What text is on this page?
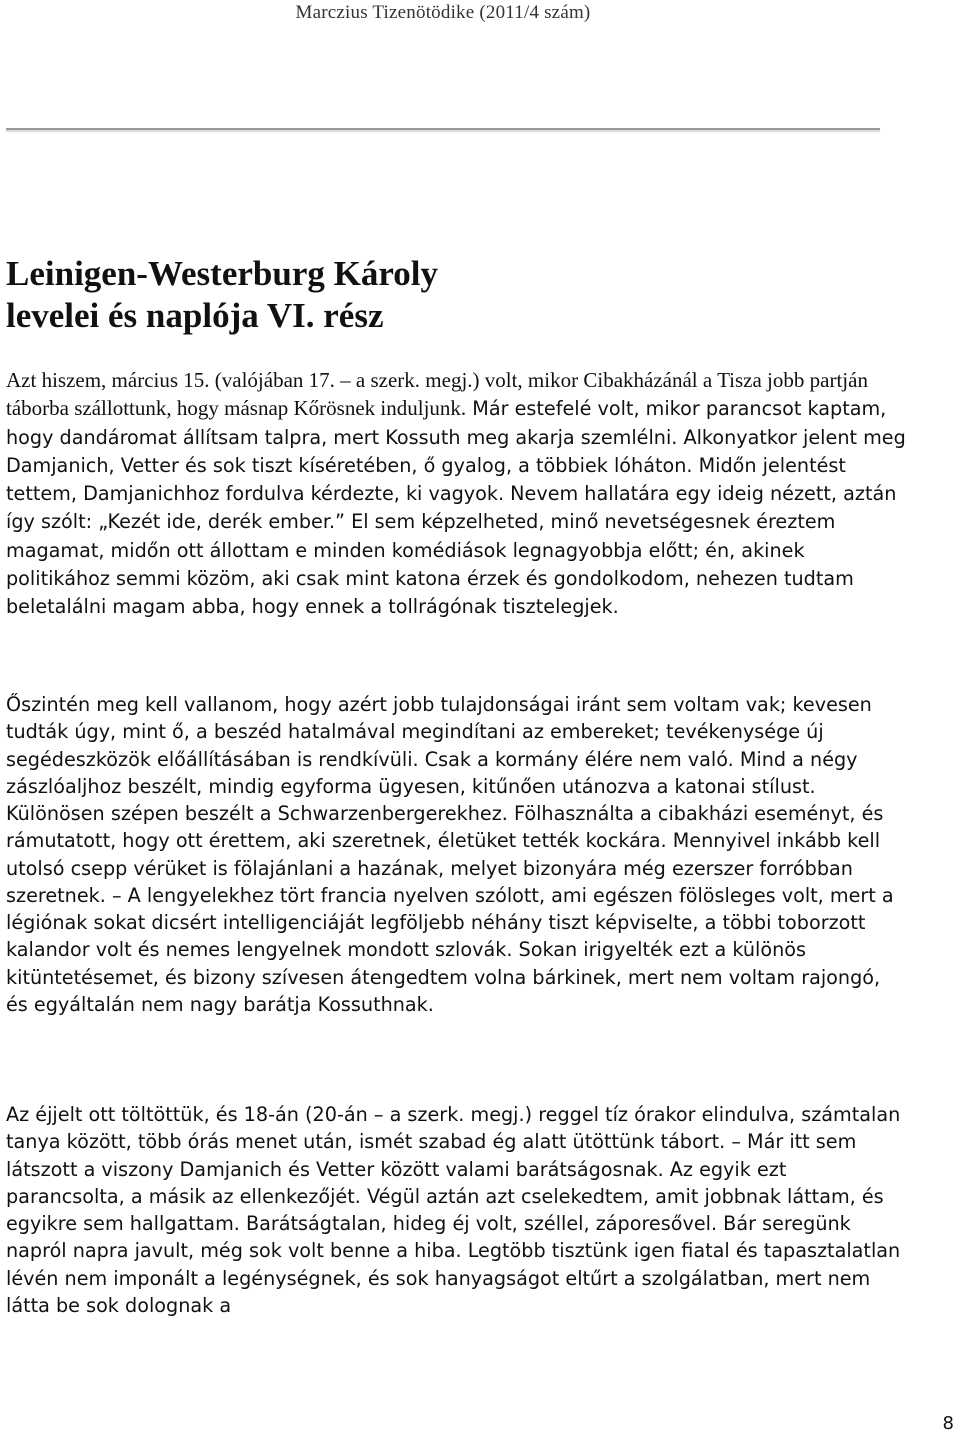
Marczius Tizenötödike (2011/4 szám)
Leinigen-Westerburg Károly
levelei és naplója VI. rész

Azt hiszem, március 15. (valójában 17. – a szerk. megj.) volt, mikor Cibakházánál a Tisza jobb partján táborba szállottunk, hogy másnap Kőrösnek induljunk. Már estefelé volt, mikor parancsot kaptam, hogy dandáromat állítsam talpra, mert Kossuth meg akarja szemlélni. Alkonyatkor jelent meg Damjanich, Vetter és sok tiszt kíséretében, ő gyalog, a többiek lóháton. Midőn jelentést tettem, Damjanichhoz fordulva kérdezte, ki vagyok. Nevem hallatára egy ideig nézett, aztán így szólt: „Kezét ide, derék ember.” El sem képzelheted, minő nevetségesnek éreztem magamat, midőn ott állottam e minden komédiások legnagyobbja előtt; én, akinek politikához semmi közöm, aki csak mint katona érzek és gondolkodom, nehezen tudtam beletalálni magam abba, hogy ennek a tollrágónak tisztelegjek.

Őszintén meg kell vallanom, hogy azért jobb tulajdonságai iránt sem voltam vak; kevesen tudták úgy, mint ő, a beszéd hatalmával megindítani az embereket; tevékenysége új segédeszközök előállításában is rendkívüli. Csak a kormány élére nem való. Mind a négy zászlóaljhoz beszélt, mindig egyforma ügyesen, kitűnően utánozva a katonai stílust. Különösen szépen beszélt a Schwarzenbergerekhez. Fölhasználta a cibakházi eseményt, és rámutatott, hogy ott érettem, aki szeretnek, életüket tették kockára. Mennyivel inkább kell utolsó csepp vérüket is fölajánlani a hazának, melyet bizonyára még ezerszer forróbban szeretnek. – A lengyelekhez tört francia nyelven szólott, ami egészen fölösleges volt, mert a légiónak sokat dicsért intelligenciáját legföljebb néhány tiszt képviselte, a többi toborzott kalandor volt és nemes lengyelnek mondott szlovák. Sokan irigyelték ezt a különös kitüntetésemet, és bizony szívesen átengedtem volna bárkinek, mert nem voltam rajongó, és egyáltalán nem nagy barátja Kossuthnak.

Az éjjelt ott töltöttük, és 18-án (20-án – a szerk. megj.) reggel tíz órakor elindulva, számtalan tanya között, több órás menet után, ismét szabad ég alatt ütöttünk tábort. – Már itt sem látszott a viszony Damjanich és Vetter között valami barátságosnak. Az egyik ezt parancsolta, a másik az ellenkezőjét. Végül aztán azt cselekedtem, amit jobbnak láttam, és egyikre sem hallgattam. Barátságtalan, hideg éj volt, széllel, záporesővel. Bár seregünk napról napra javult, még sok volt benne a hiba. Legtöbb tisztünk igen fiatal és tapasztalatlan lévén nem imponált a legénységnek, és sok hanyagságot eltűrt a szolgálatban, mert nem látta be sok dolognak a

8
